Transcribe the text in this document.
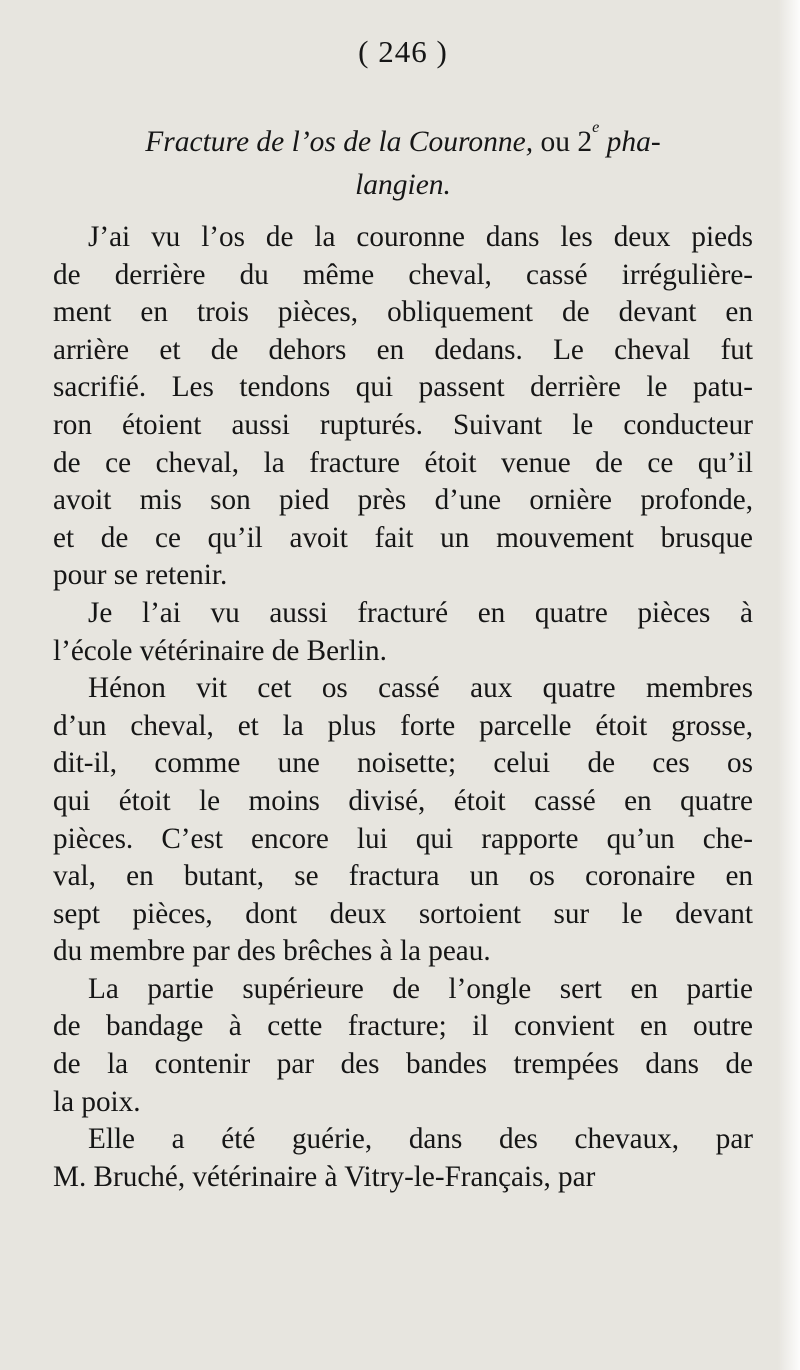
( 246 )
Fracture de l’os de la Couronne, ou 2e pha-
langien.

J’ai vu l’os de la couronne dans les deux pieds
de derrière du même cheval, cassé irrégulière-
ment en trois pièces, obliquement de devant en
arrière et de dehors en dedans. Le cheval fut
sacrifié. Les tendons qui passent derrière le patu-
ron étoient aussi rupturés. Suivant le conducteur
de ce cheval, la fracture étoit venue de ce qu’il
avoit mis son pied près d’une ornière profonde,
et de ce qu’il avoit fait un mouvement brusque
pour se retenir.

Je l’ai vu aussi fracturé en quatre pièces à
l’école vétérinaire de Berlin.

Hénon vit cet os cassé aux quatre membres
d’un cheval, et la plus forte parcelle étoit grosse,
dit-il, comme une noisette; celui de ces os
qui étoit le moins divisé, étoit cassé en quatre
pièces. C’est encore lui qui rapporte qu’un che-
val, en butant, se fractura un os coronaire en
sept pièces, dont deux sortoient sur le devant
du membre par des brêches à la peau.

La partie supérieure de l’ongle sert en partie
de bandage à cette fracture; il convient en outre
de la contenir par des bandes trempées dans de
la poix.

Elle a été guérie, dans des chevaux, par
M. Bruché, vétérinaire à Vitry-le-Français, par
